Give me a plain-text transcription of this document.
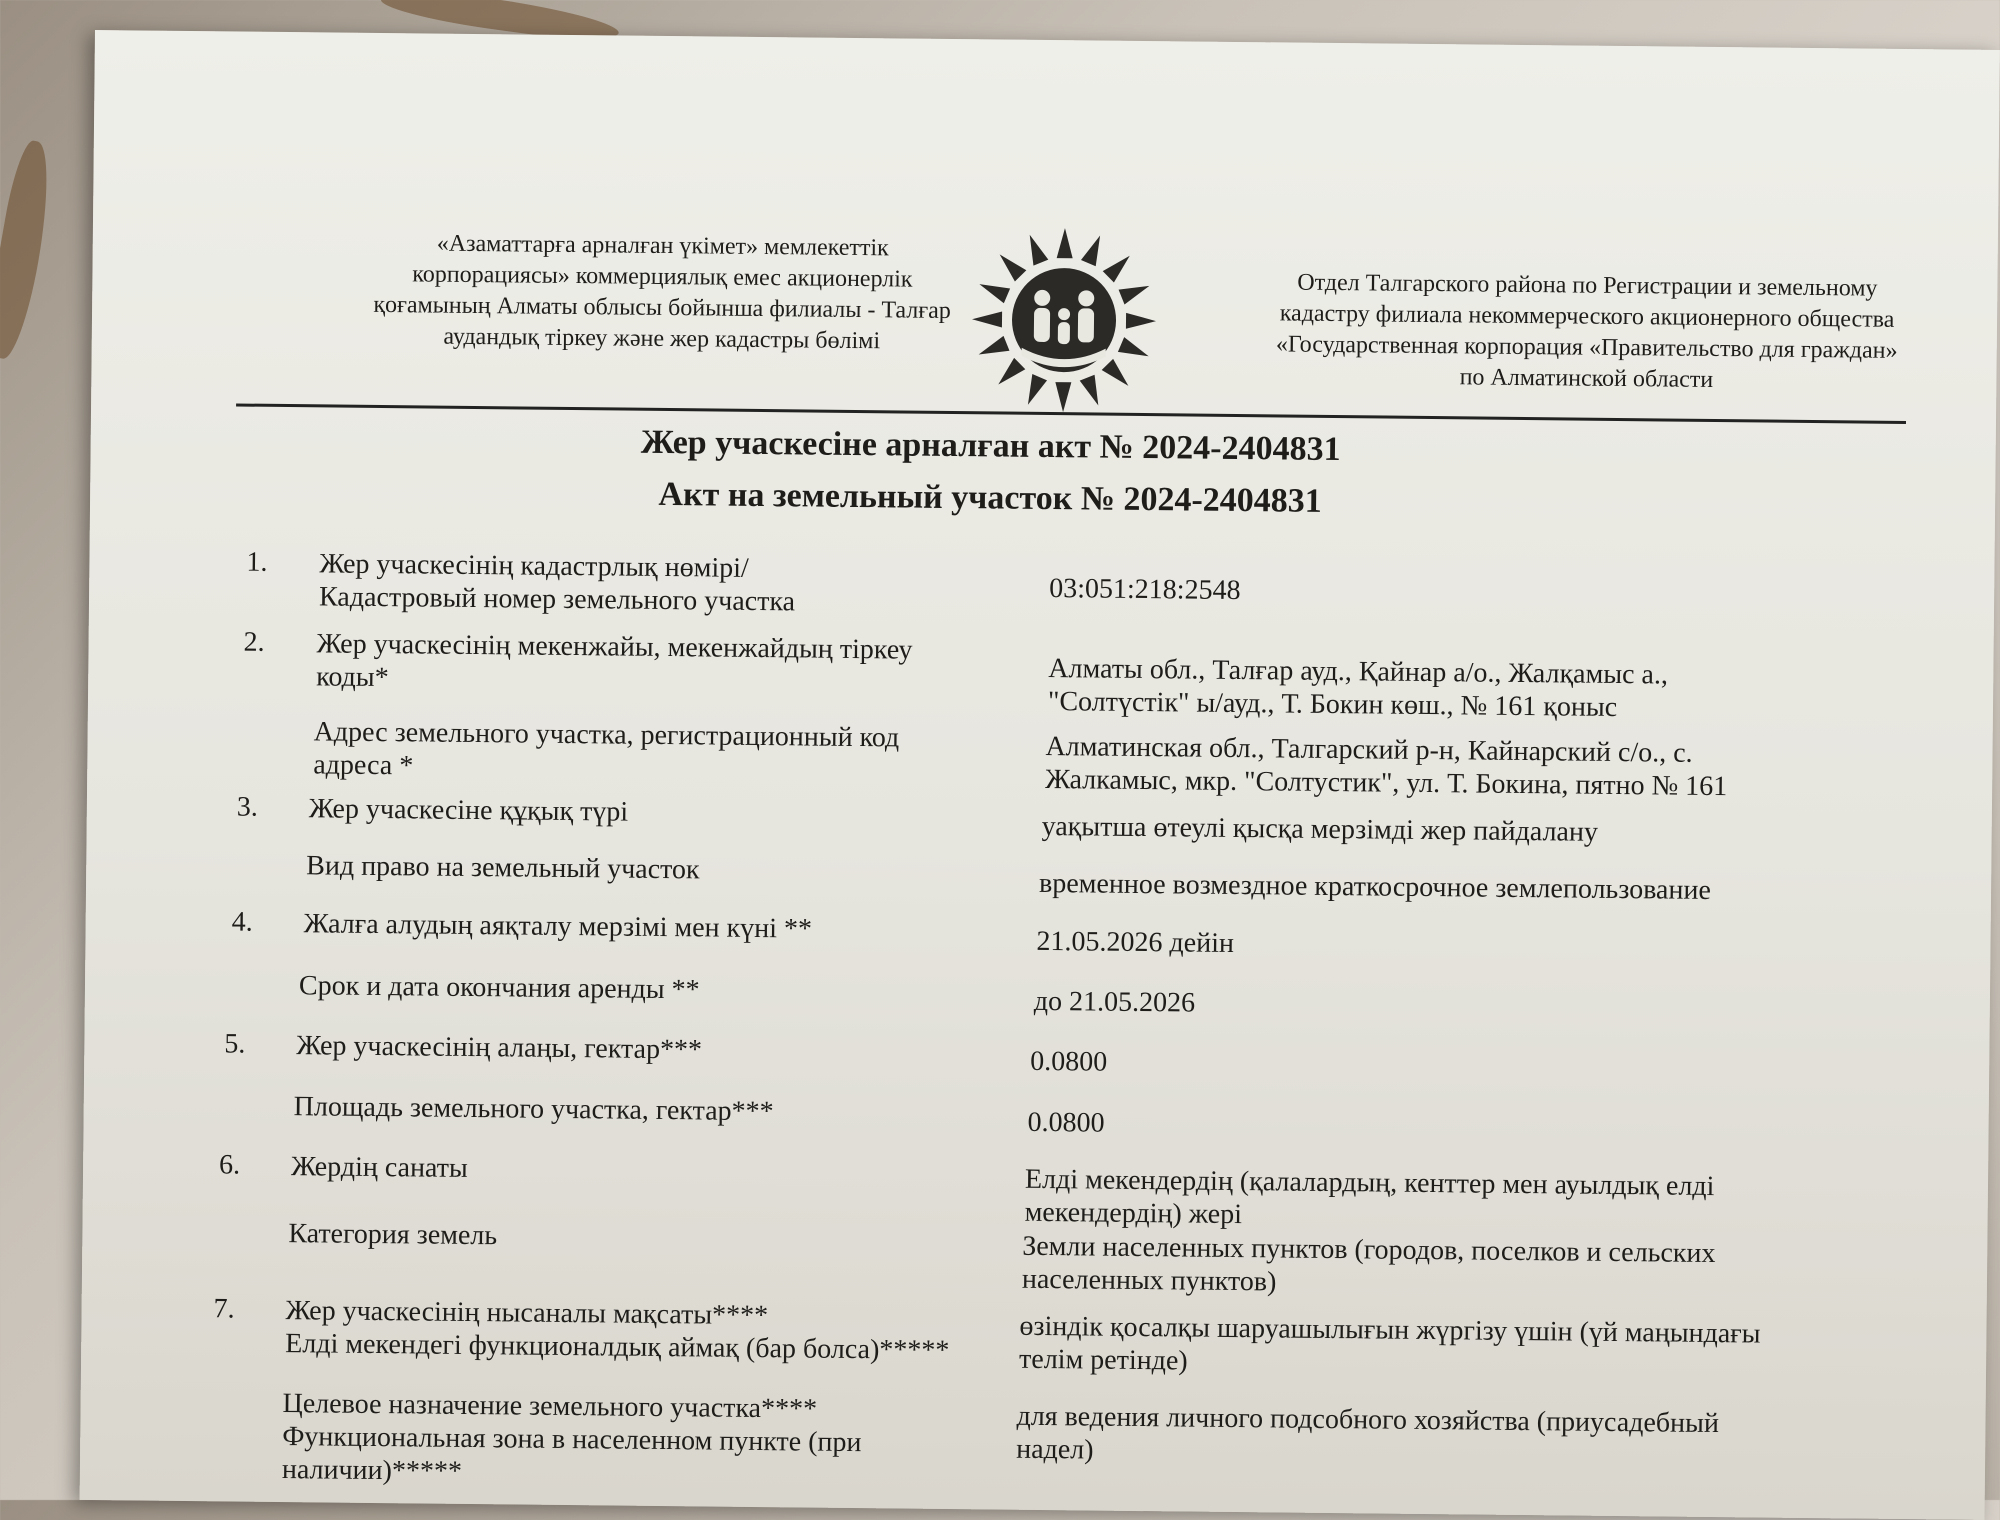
«Азаматтарға арналған үкімет» мемлекеттік
корпорациясы» коммерциялық емес акционерлік
қоғамының Алматы облысы бойынша филиалы - Талғар
аудандық тіркеу және жер кадастры бөлімі
Отдел Талгарского района по Регистрации и земельному
кадастру филиала некоммерческого акционерного общества
«Государственная корпорация «Правительство для граждан»
по Алматинской области
Жер учаскесіне арналған акт № 2024-2404831
Акт на земельный участок № 2024-2404831
1. Жер учаскесінің кадастрлық нөмірі/
Кадастровый номер земельного участка	03:051:218:2548
2. Жер учаскесінің мекенжайы, мекенжайдың тіркеу
коды*
Адрес земельного участка, регистрационный код
адреса *
Алматы обл., Талғар ауд., Қайнар а/о., Жалқамыс а.,
"Солтүстік" ы/ауд., Т. Бокин көш., № 161 қоныс
Алматинская обл., Талгарский р-н, Кайнарский с/о., с.
Жалкамыс, мкр. "Солтустик", ул. Т. Бокина, пятно № 161
3. Жер учаскесіне құқық түрі
Вид право на земельный участок
уақытша өтеулі қысқа мерзімді жер пайдалану
временное возмездное краткосрочное землепользование
4. Жалға алудың аяқталу мерзімі мен күні **
Срок и дата окончания аренды **
21.05.2026 дейін
до 21.05.2026
5. Жер учаскесінің алаңы, гектар***
Площадь земельного участка, гектар***
0.0800
0.0800
6. Жердің санаты
Категория земель
Елді мекендердің (қалалардың, кенттер мен ауылдық елді
мекендердің) жері
Земли населенных пунктов (городов, поселков и сельских
населенных пунктов)
7. Жер учаскесінің нысаналы мақсаты****
Елді мекендегі функционалдық аймақ (бар болса)*****
Целевое назначение земельного участка****
Функциональная зона в населенном пункте (при
наличии)*****
өзіндік қосалқы шаруашылығын жүргізу үшін (үй маңындағы
телім ретінде)
для ведения личного подсобного хозяйства (приусадебный
надел)
